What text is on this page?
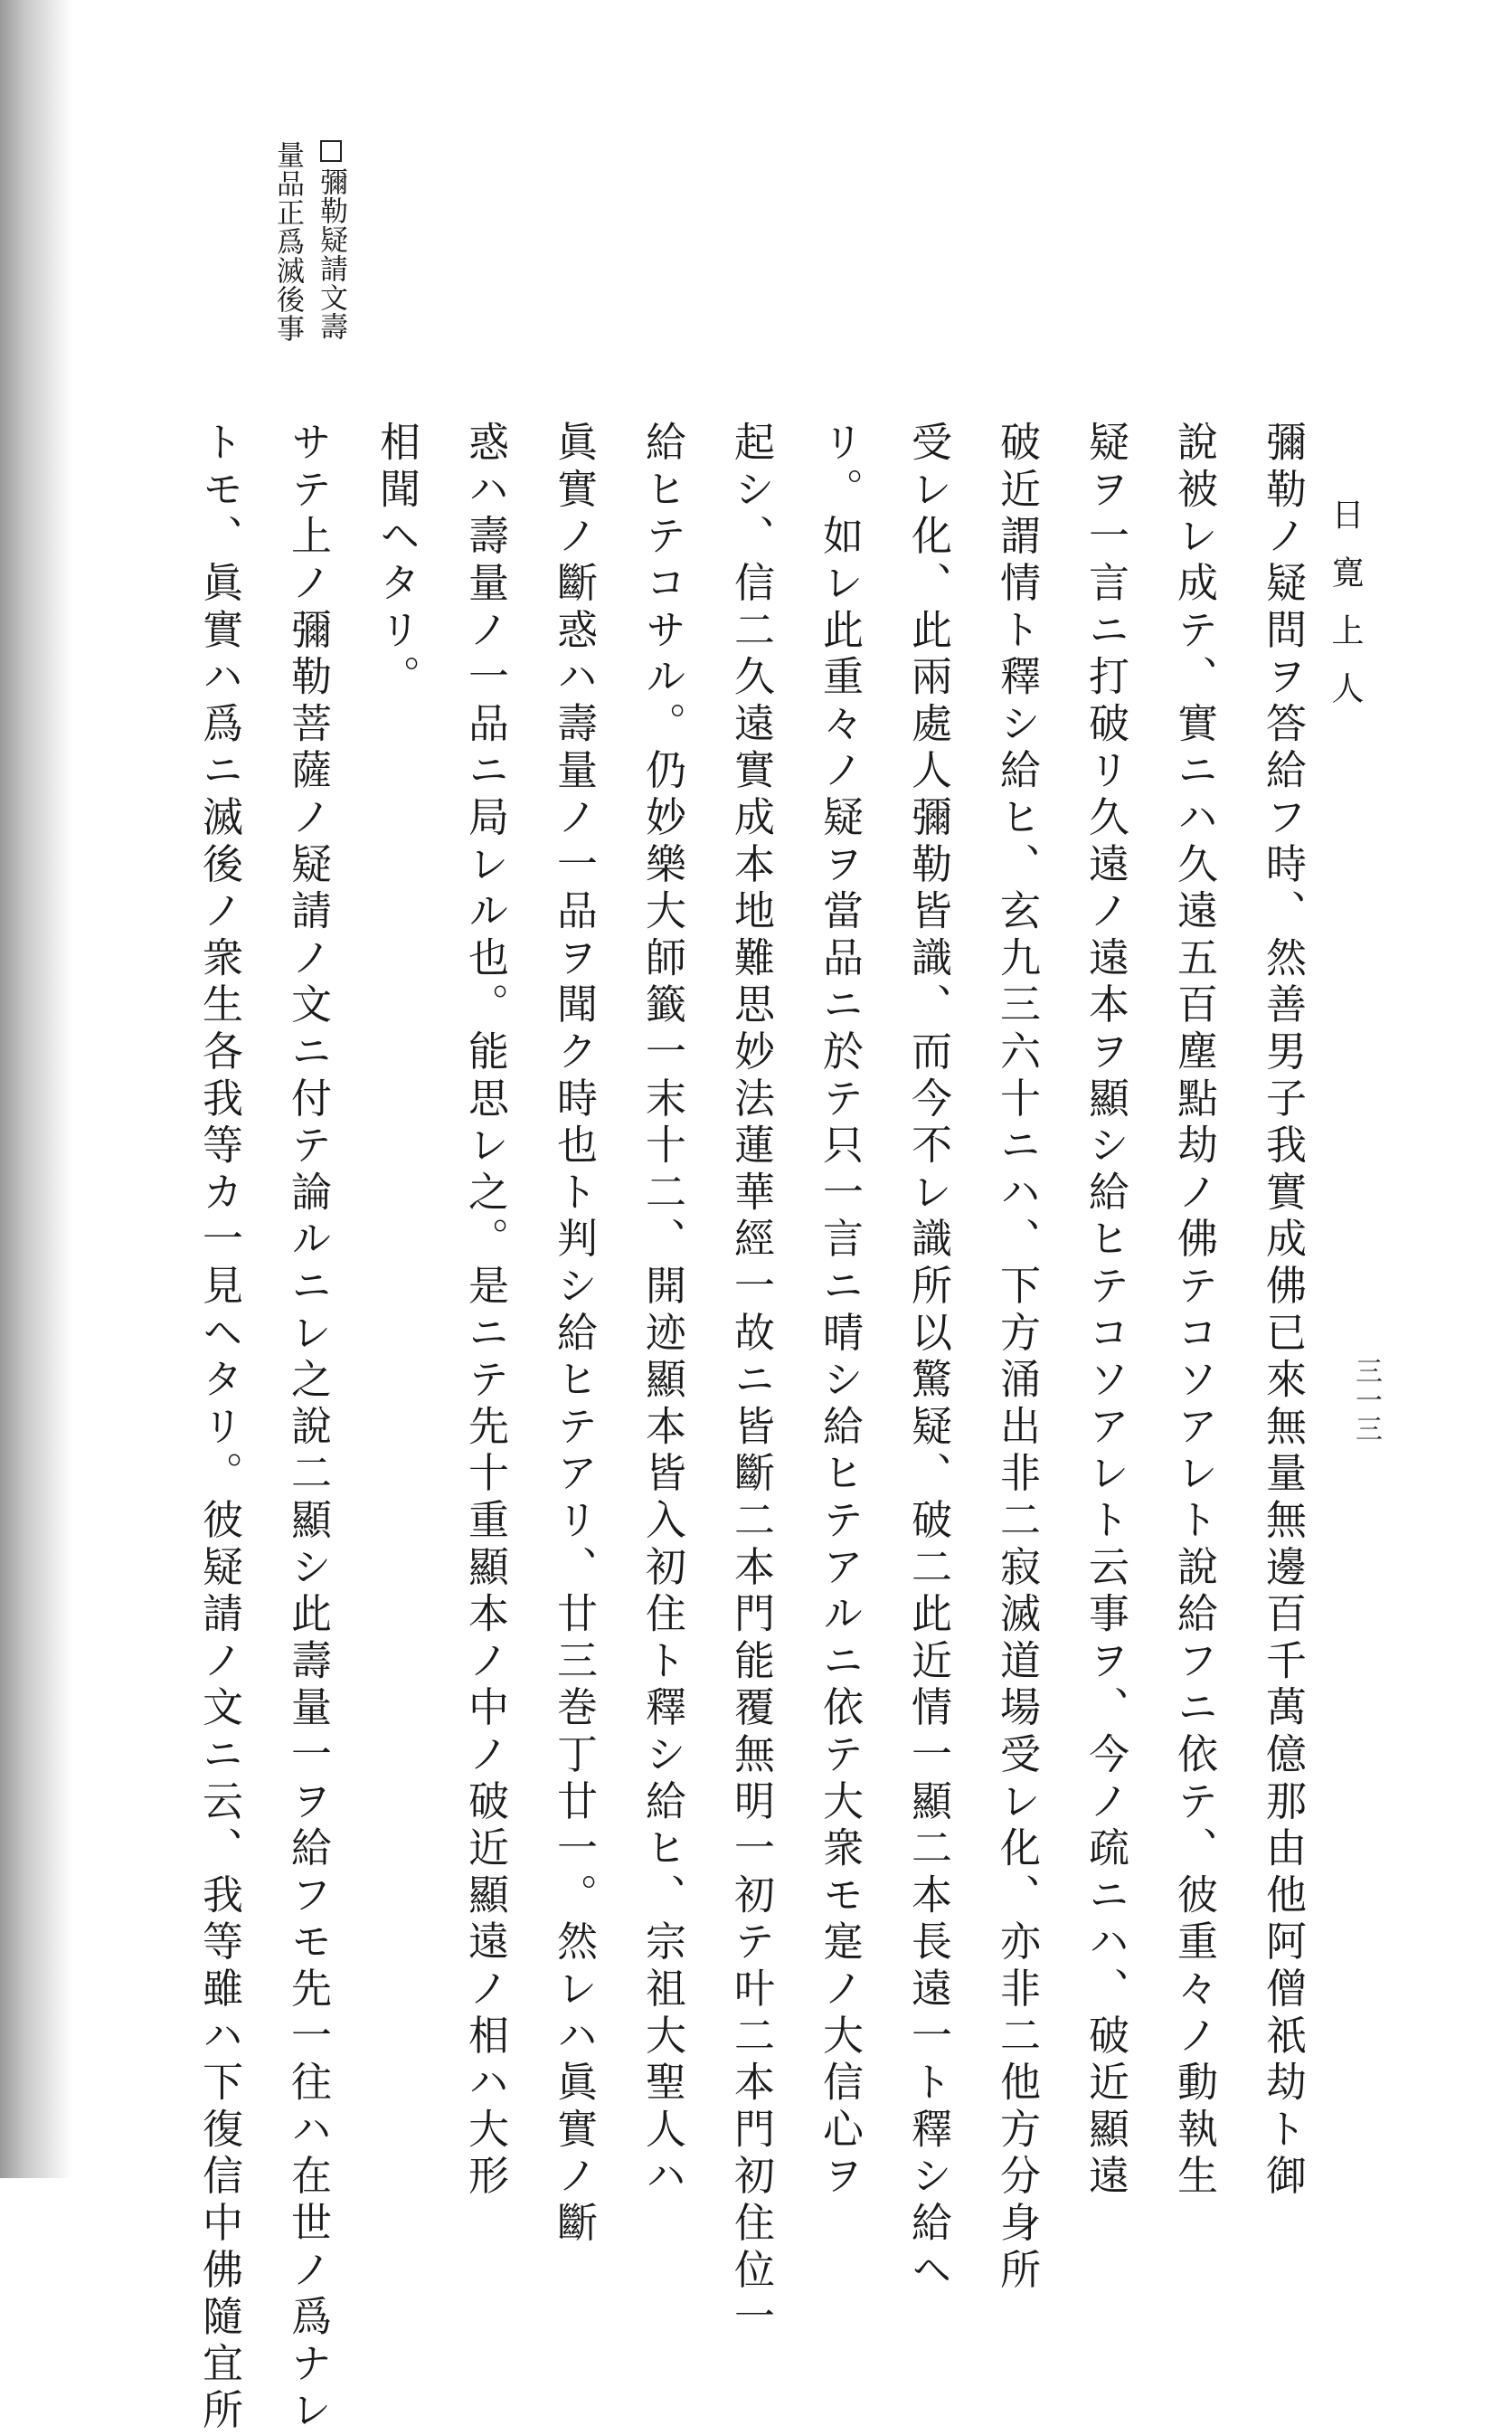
日寛上人
三一三
彌勒疑請文壽
量品正爲滅後事
彌勒ノ疑問ヲ答給フ時、然善男子我實成佛已來無量無邊百千萬億那由他阿僧祇劫ト御
說被レ成テ、實ニハ久遠五百塵點劫ノ佛テコソアレト說給フニ依テ、彼重々ノ動執生
疑ヲ一言ニ打破リ久遠ノ遠本ヲ顯シ給ヒテコソアレト云事ヲ、今ノ疏ニハ、破近顯遠
破近謂情ト釋シ給ヒ、玄九三六十ニハ、下方涌出非二寂滅道場受レ化、亦非二他方分身所
受レ化、此兩處人彌勒皆識、而今不レ識所以驚疑、破二此近情一顯二本長遠一ト釋シ給ヘ
リ。如レ此重々ノ疑ヲ當品ニ於テ只一言ニ晴シ給ヒテアルニ依テ大衆モ寔ノ大信心ヲ
起シ、信二久遠實成本地難思妙法蓮華經一故ニ皆斷二本門能覆無明一初テ叶二本門初住位一
給ヒテコサル。仍妙樂大師籤一末十二、開迹顯本皆入初住ト釋シ給ヒ、宗祖大聖人ハ
眞實ノ斷惑ハ壽量ノ一品ヲ聞ク時也ト判シ給ヒテアリ、廿三巻丁廿一。然レハ眞實ノ斷
惑ハ壽量ノ一品ニ局レル也。能思レ之。是ニテ先十重顯本ノ中ノ破近顯遠ノ相ハ大形
相聞ヘタリ。
サテ上ノ彌勒菩薩ノ疑請ノ文ニ付テ論ルニレ之說二顯シ此壽量一ヲ給フモ先一往ハ在世ノ爲ナレ
トモ、眞實ハ爲ニ滅後ノ衆生各我等カ一見ヘタリ。彼疑請ノ文ニ云、我等雖ハ下復信中佛隨宜所
